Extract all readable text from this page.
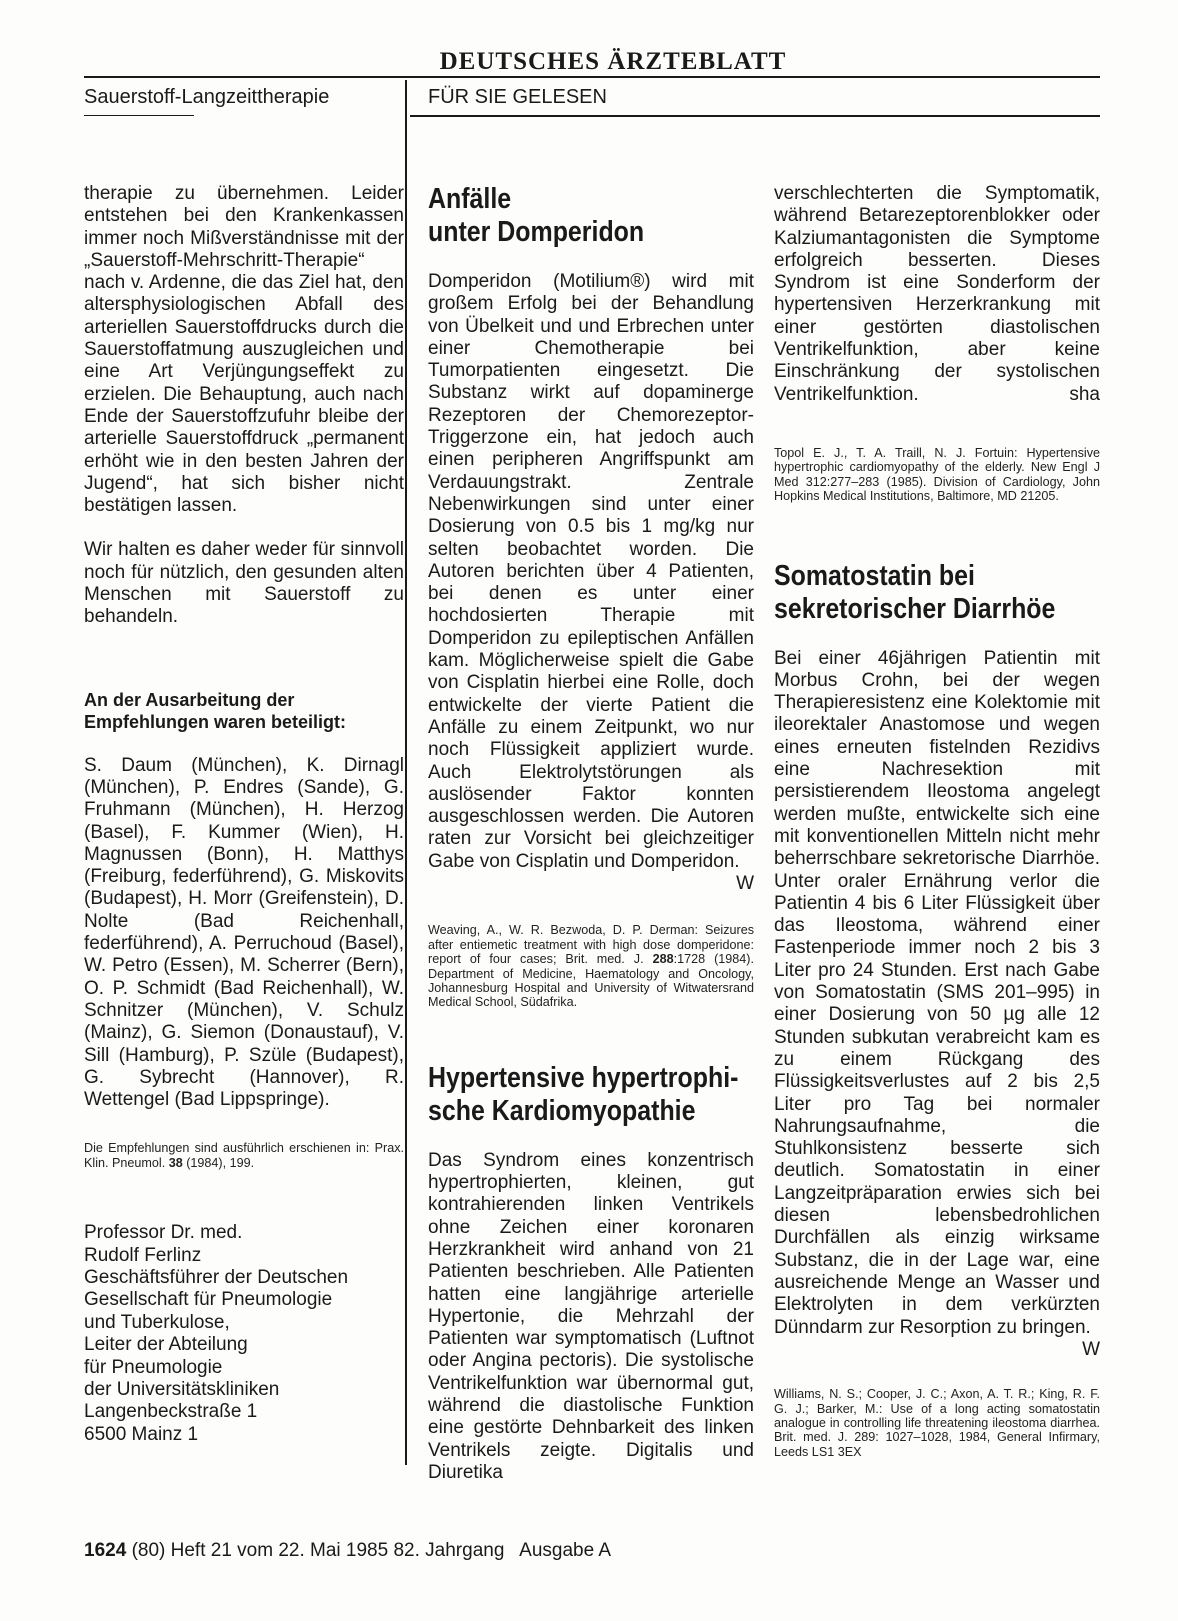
DEUTSCHES ÄRZTEBLATT
Sauerstoff-Langzeittherapie	FÜR SIE GELESEN

therapie zu übernehmen. Leider entstehen bei den Krankenkassen immer noch Mißverständnisse mit der „Sauerstoff-Mehrschritt-Therapie“ nach v. Ardenne, die das Ziel hat, den altersphysiologischen Abfall des arteriellen Sauerstoffdrucks durch die Sauerstoffatmung auszugleichen und eine Art Verjüngungseffekt zu erzielen. Die Behauptung, auch nach Ende der Sauerstoffzufuhr bleibe der arterielle Sauerstoffdruck „permanent erhöht wie in den besten Jahren der Jugend“, hat sich bisher nicht bestätigen lassen.

Wir halten es daher weder für sinnvoll noch für nützlich, den gesunden alten Menschen mit Sauerstoff zu behandeln.

An der Ausarbeitung der Empfehlungen waren beteiligt:

S. Daum (München), K. Dirnagl (München), P. Endres (Sande), G. Fruhmann (München), H. Herzog (Basel), F. Kummer (Wien), H. Magnussen (Bonn), H. Matthys (Freiburg, federführend), G. Miskovits (Budapest), H. Morr (Greifenstein), D. Nolte (Bad Reichenhall, federführend), A. Perruchoud (Basel), W. Petro (Essen), M. Scherrer (Bern), O. P. Schmidt (Bad Reichenhall), W. Schnitzer (München), V. Schulz (Mainz), G. Siemon (Donaustauf), V. Sill (Hamburg), P. Szüle (Budapest), G. Sybrecht (Hannover), R. Wettengel (Bad Lippspringe).

Die Empfehlungen sind ausführlich erschienen in: Prax. Klin. Pneumol. 38 (1984), 199.

Professor Dr. med.

Rudolf Ferlinz

Geschäftsführer der Deutschen

Gesellschaft für Pneumologie

und Tuberkulose,

Leiter der Abteilung

für Pneumologie

der Universitätskliniken

Langenbeckstraße 1

6500 Mainz 1

Anfälle
unter Domperidon

Domperidon (Motilium®) wird mit großem Erfolg bei der Behandlung von Übelkeit und und Erbrechen unter einer Chemotherapie bei Tumorpatienten eingesetzt. Die Substanz wirkt auf dopaminerge Rezeptoren der Chemorezeptor-Triggerzone ein, hat jedoch auch einen peripheren Angriffspunkt am Verdauungstrakt. Zentrale Nebenwirkungen sind unter einer Dosierung von 0.5 bis 1 mg/kg nur selten beobachtet worden. Die Autoren berichten über 4 Patienten, bei denen es unter einer hochdosierten Therapie mit Domperidon zu epileptischen Anfällen kam. Möglicherweise spielt die Gabe von Cisplatin hierbei eine Rolle, doch entwickelte der vierte Patient die Anfälle zu einem Zeitpunkt, wo nur noch Flüssigkeit appliziert wurde. Auch Elektrolytstörungen als auslösender Faktor konnten ausgeschlossen werden. Die Autoren raten zur Vorsicht bei gleichzeitiger Gabe von Cisplatin und Domperidon.
W

Weaving, A., W. R. Bezwoda, D. P. Derman: Seizures after entiemetic treatment with high dose domperidone: report of four cases; Brit. med. J. 288:1728 (1984). Department of Medicine, Haematology and Oncology, Johannesburg Hospital and University of Witwatersrand Medical School, Südafrika.

Hypertensive hypertrophi-
sche Kardiomyopathie

Das Syndrom eines konzentrisch hypertrophierten, kleinen, gut kontrahierenden linken Ventrikels ohne Zeichen einer koronaren Herzkrankheit wird anhand von 21 Patienten beschrieben. Alle Patienten hatten eine langjährige arterielle Hypertonie, die Mehrzahl der Patienten war symptomatisch (Luftnot oder Angina pectoris). Die systolische Ventrikelfunktion war übernormal gut, während die diastolische Funktion eine gestörte Dehnbarkeit des linken Ventrikels zeigte. Digitalis und Diuretika

verschlechterten die Symptomatik, während Betarezeptorenblokker oder Kalziumantagonisten die Symptome erfolgreich besserten. Dieses Syndrom ist eine Sonderform der hypertensiven Herzerkrankung mit einer gestörten diastolischen Ventrikelfunktion, aber keine Einschränkung der systolischen Ventrikelfunktion.	sha

Topol E. J., T. A. Traill, N. J. Fortuin: Hypertensive hypertrophic cardiomyopathy of the elderly. New Engl J Med 312:277–283 (1985). Division of Cardiology, John Hopkins Medical Institutions, Baltimore, MD 21205.

Somatostatin bei
sekretorischer Diarrhöe

Bei einer 46jährigen Patientin mit Morbus Crohn, bei der wegen Therapieresistenz eine Kolektomie mit ileorektaler Anastomose und wegen eines erneuten fistelnden Rezidivs eine Nachresektion mit persistierendem Ileostoma angelegt werden mußte, entwickelte sich eine mit konventionellen Mitteln nicht mehr beherrschbare sekretorische Diarrhöe. Unter oraler Ernährung verlor die Patientin 4 bis 6 Liter Flüssigkeit über das Ileostoma, während einer Fastenperiode immer noch 2 bis 3 Liter pro 24 Stunden. Erst nach Gabe von Somatostatin (SMS 201–995) in einer Dosierung von 50 µg alle 12 Stunden subkutan verabreicht kam es zu einem Rückgang des Flüssigkeitsverlustes auf 2 bis 2,5 Liter pro Tag bei normaler Nahrungsaufnahme, die Stuhlkonsistenz besserte sich deutlich. Somatostatin in einer Langzeitpräparation erwies sich bei diesen lebensbedrohlichen Durchfällen als einzig wirksame Substanz, die in der Lage war, eine ausreichende Menge an Wasser und Elektrolyten in dem verkürzten Dünndarm zur Resorption zu bringen.
W

Williams, N. S.; Cooper, J. C.; Axon, A. T. R.; King, R. F. G. J.; Barker, M.: Use of a long acting somatostatin analogue in controlling life threatening ileostoma diarrhea. Brit. med. J. 289: 1027–1028, 1984, General Infirmary, Leeds LS1 3EX

1624 (80) Heft 21 vom 22. Mai 1985 82. Jahrgang   Ausgabe A
